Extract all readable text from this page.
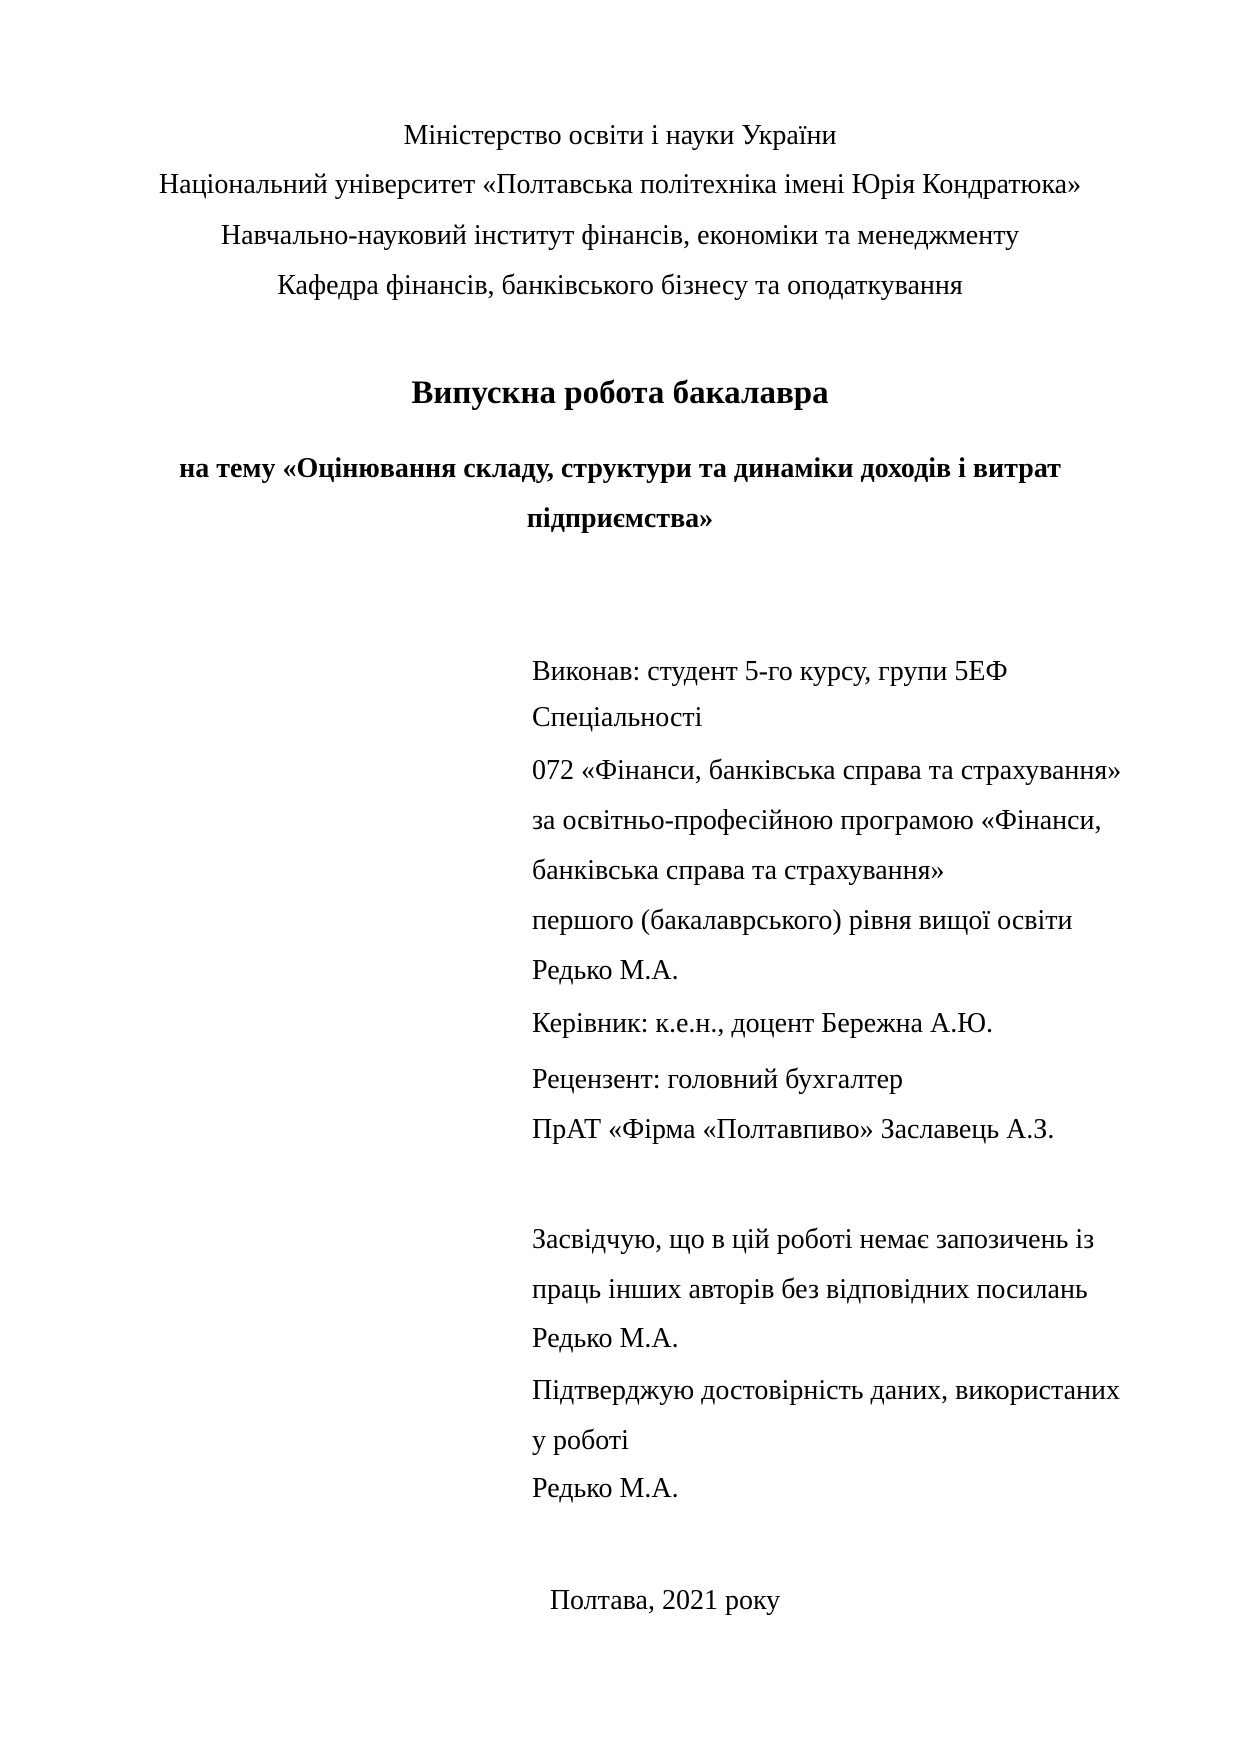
Міністерство освіти і науки України
Національний університет «Полтавська політехніка імені Юрія Кондратюка»
Навчально-науковий інститут фінансів, економіки та менеджменту
Кафедра фінансів, банківського бізнесу та оподаткування
Випускна робота бакалавра
на тему «Оцінювання складу, структури та динаміки доходів і витрат
підприємства»
Виконав: студент 5-го курсу, групи 5ЕФ
Спеціальності
072 «Фінанси, банківська справа та страхування»
за освітньо-професійною програмою «Фінанси,
банківська справа та страхування»
першого (бакалаврського) рівня вищої освіти
Редько М.А.
Керівник: к.е.н., доцент Бережна А.Ю.
Рецензент: головний бухгалтер
ПрАТ «Фірма «Полтавпиво» Заславець А.З.
Засвідчую, що в цій роботі немає запозичень із
праць інших авторів без відповідних посилань
Редько М.А.
Підтверджую достовірність даних, використаних
у роботі
Редько М.А.
Полтава, 2021 року
